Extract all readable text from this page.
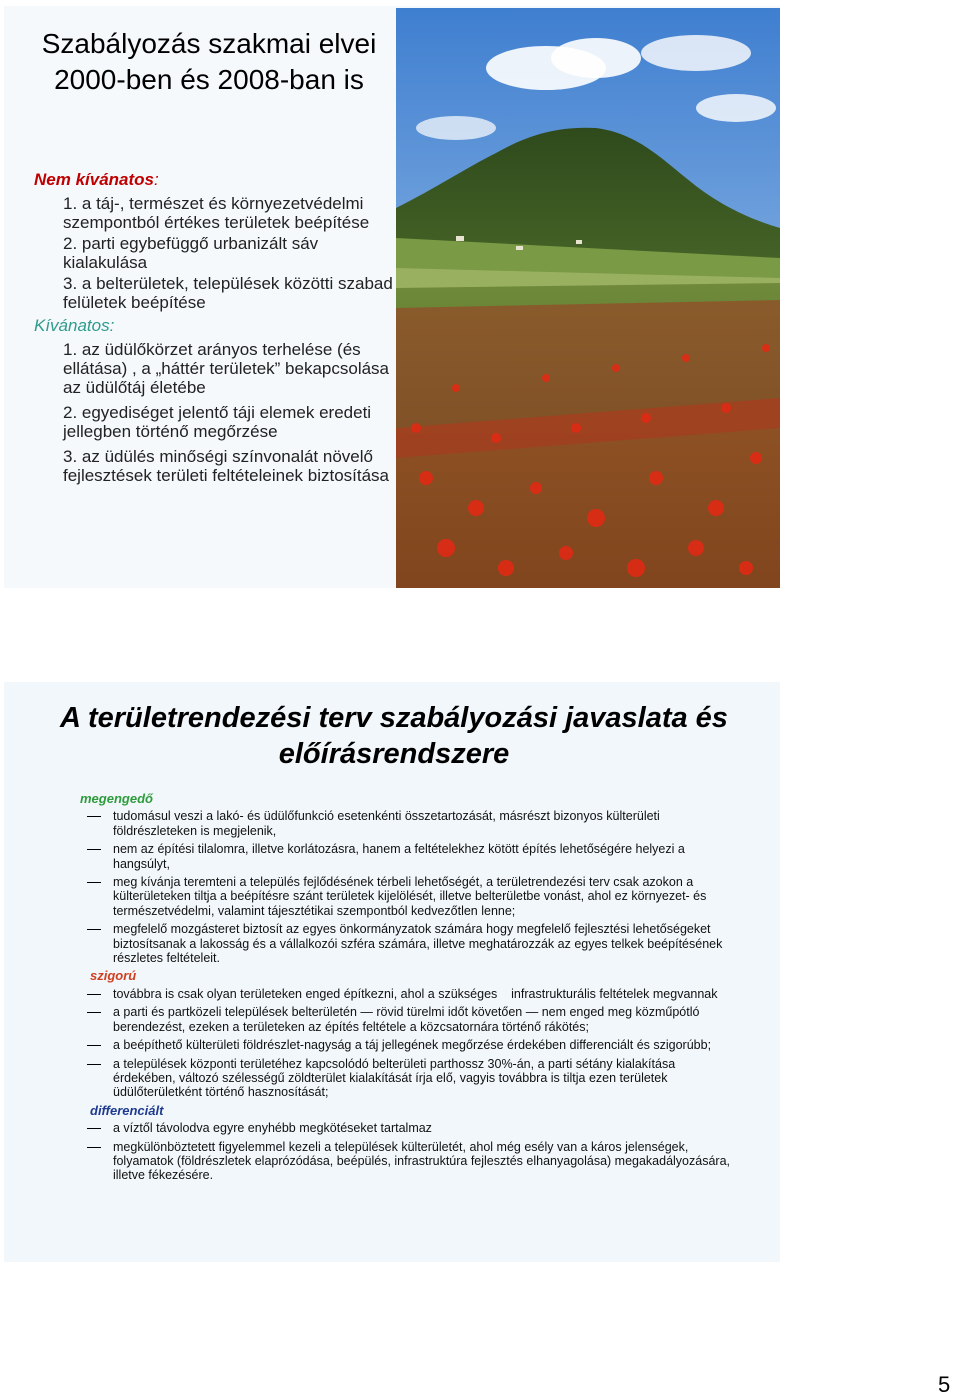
Szabályozás szakmai elvei 2000-ben és 2008-ban is
Nem kívánatos:
1. a táj-, természet és környezetvédelmi szempontból értékes területek beépítése
2. parti egybefüggő urbanizált sáv kialakulása
3. a belterületek, települések közötti szabad felületek beépítése
Kívánatos:
1. az üdülőkörzet arányos terhelése (és ellátása) , a „háttér területek” bekapcsolása az üdülőtáj életébe
2. egyediséget jelentő táji elemek eredeti jellegben történő megőrzése
3. az üdülés minőségi színvonalát növelő fejlesztések területi feltételeinek biztosítása
A területrendezési terv szabályozási javaslata és előírásrendszere
megengedő
tudomásul veszi a lakó- és üdülőfunkció esetenkénti összetartozását, másrészt bizonyos külterületi földrészleteken is megjelenik,
nem az építési tilalomra, illetve korlátozásra, hanem a feltételekhez kötött építés lehetőségére helyezi a hangsúlyt,
meg kívánja teremteni a település fejlődésének térbeli lehetőségét, a területrendezési terv csak azokon a külterületeken tiltja a beépítésre szánt területek kijelölését, illetve belterületbe vonást, ahol ez környezet- és természetvédelmi, valamint tájesztétikai szempontból kedvezőtlen lenne;
megfelelő mozgásteret biztosít az egyes önkormányzatok számára hogy megfelelő fejlesztési lehetőségeket biztosítsanak a lakosság és a vállalkozói szféra számára, illetve meghatározzák az egyes telkek beépítésének részletes feltételeit.
szigorú
továbbra is csak olyan területeken enged építkezni, ahol a szükséges    infrastrukturális feltételek megvannak
a parti és partközeli települések belterületén — rövid türelmi időt követően — nem enged meg közműpótló berendezést, ezeken a területeken az építés feltétele a közcsatornára történő rákötés;
a beépíthető külterületi földrészlet-nagyság a táj jellegének megőrzése érdekében differenciált és szigorúbb;
a települések központi területéhez kapcsolódó belterületi parthossz 30%-án, a parti sétány kialakítása érdekében, változó szélességű zöldterület kialakítását írja elő, vagyis továbbra is tiltja ezen területek üdülőterületként történő hasznosítását;
differenciált
a víztől távolodva egyre enyhébb megkötéseket tartalmaz
megkülönböztetett figyelemmel kezeli a települések külterületét, ahol még esély van a káros jelenségek, folyamatok (földrészletek elaprózódása, beépülés, infrastruktúra fejlesztés elhanyagolása) megakadályozására, illetve fékezésére.
5
